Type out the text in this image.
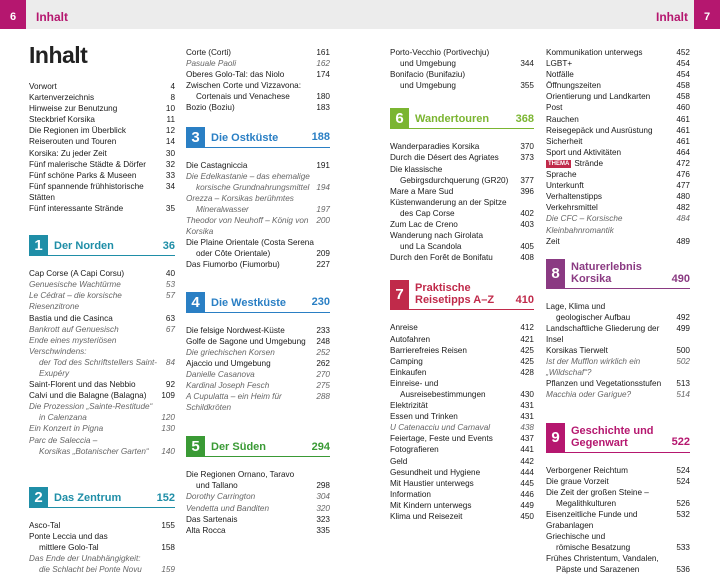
6	Inhalt	7
Inhalt
Inhalt
Vorwort	4
Kartenverzeichnis	8
Hinweise zur Benutzung	10
Steckbrief Korsika	11
Die Regionen im Überblick	12
Reiserouten und Touren	14
Korsika: Zu jeder Zeit	30
Fünf malerische Städte & Dörfer	32
Fünf schöne Parks & Museen	33
Fünf spannende frühhistorische Stätten
34
Fünf interessante Strände	35
1	Der Norden	36
Cap Corse (A Capi Corsu)	40
Genuesische Wachtürme	53
Le Cédrat – die korsische Riesenzitrone
57
Bastia und die Casinca	63
Bankrott auf Genuesisch	67
Ende eines mysteriösen Verschwindens:
der Tod des Schriftstellers Saint-Exupéry
84
Saint-Florent und das Nebbio	92
Calvi und die Balagne (Balagna)	109
Die Prozession „Sainte-Restitude“
in Calenzana	120
Ein Konzert in Pigna	130
Parc de Saleccia –
Korsikas „Botanischer Garten“	140
2	Das Zentrum	152
Asco-Tal	155
Ponte Leccia und das
mittlere Golo-Tal	158
Das Ende der Unabhängigkeit:
die Schlacht bei Ponte Novu	159
Corte (Corti)	161
Pasuale Paoli	162
Oberes Golo-Tal: das Niolo	174
Zwischen Corte und Vizzavona:
Cortenais und Venachese	180
Bozio (Boziu)	183
3	Die Ostküste	188
Die Castagniccia	191
Die Edelkastanie – das ehemalige
korsische Grundnahrungsmittel 194
Orezza – Korsikas berühmtes
Mineralwasser	197
Theodor von Neuhoff – König von Korsika
200
Die Plaine Orientale (Costa Serena
oder Côte Orientale)	209
Das Fiumorbo (Fiumorbu)	227
4	Die Westküste 230
Die felsige Nordwest-Küste	233
Golfe de Sagone und Umgebung	248
Die griechischen Korsen	252
Ajaccio und Umgebung	262
Danielle Casanova	270
Kardinal Joseph Fesch	275
A Cupulatta – ein Heim für Schildkröten
288
5	Der Süden	294
Die Regionen Ornano, Taravo
und Tallano	298
Dorothy Carrington	304
Vendetta und Banditen	320
Das Sartenais	323
Alta Rocca	335
Porto-Vecchio (Portivechju)
und Umgebung	344
Bonifacio (Bunifaziu)
und Umgebung	355
6	Wandertouren 368
Wanderparadies Korsika	370
Durch die Désert des Agriates	373
Die klassische
Gebirgsdurchquerung (GR20)	377
Mare a Mare Sud	396
Küstenwanderung an der Spitze
des Cap Corse	402
Zum Lac de Creno	403
Wanderung nach Girolata
und La Scandola	405
Durch den Forêt de Bonifatu	408
7	Praktische Reisetipps A–Z	410
Anreise	412
Autofahren	421
Barrierefreies Reisen	425
Camping	425
Einkaufen	428
Einreise- und
Ausreisebestimmungen	430
Elektrizität	431
Essen und Trinken	431
U Catenacciu und Carnaval	438
Feiertage, Feste und Events	437
Fotografieren	441
Geld	442
Gesundheit und Hygiene	444
Mit Haustier unterwegs	445
Information	446
Mit Kindern unterwegs	449
Klima und Reisezeit	450
Kommunikation unterwegs	452
LGBT+	454
Notfälle	454
Öffnungszeiten	458
Orientierung und Landkarten	458
Post	460
Rauchen	461
Reisegepäck und Ausrüstung	461
Sicherheit	461
Sport und Aktivitäten	464
THEMA Strände	472
Sprache	476
Unterkunft	477
Verhaltenstipps	480
Verkehrsmittel	482
Die CFC – Korsische Kleinbahnromantik
484
Zeit	489
8	Naturerlebnis Korsika	490
Lage, Klima und
geologischer Aufbau	492
Landschaftliche Gliederung der Insel
499
Korsikas Tierwelt	500
Ist der Mufflon wirklich ein „Wildschaf“?
502
Pflanzen und Vegetationsstufen	513
Macchia oder Garigue?	514
9	Geschichte und Gegenwart	522
Verborgener Reichtum	524
Die graue Vorzeit	524
Die Zeit der großen Steine –
Megalithkulturen	526
Eisenzeitliche Funde und Grabanlagen
532
Griechische und
römische Besatzung	533
Frühes Christentum, Vandalen,
Päpste und Sarazenen	536
